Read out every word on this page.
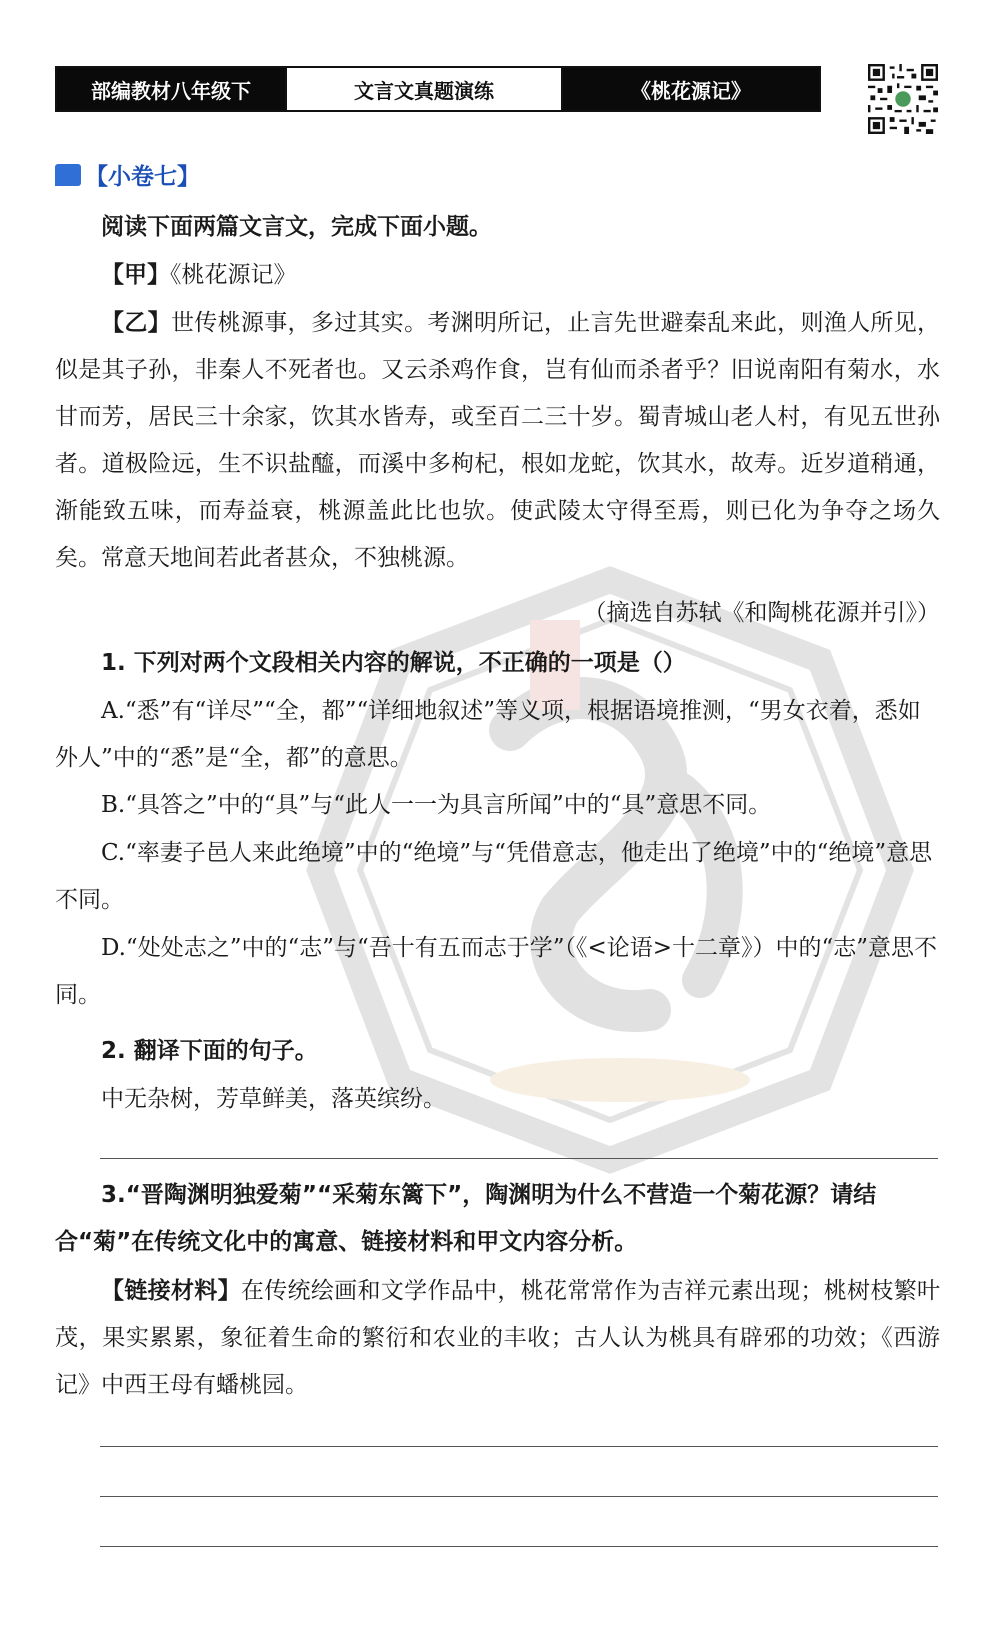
部编教材八年级下	文言文真题演练	《桃花源记》
【小卷七】
阅读下面两篇文言文，完成下面小题。
【甲】《桃花源记》
【乙】世传桃源事，多过其实。考渊明所记，止言先世避秦乱来此，则渔人所见，似是其子孙，非秦人不死者也。又云杀鸡作食，岂有仙而杀者乎？旧说南阳有菊水，水甘而芳，居民三十余家，饮其水皆寿，或至百二三十岁。蜀青城山老人村，有见五世孙者。道极险远，生不识盐醯，而溪中多枸杞，根如龙蛇，饮其水，故寿。近岁道稍通，渐能致五味，而寿益衰，桃源盖此比也欤。使武陵太守得至焉，则已化为争夺之场久矣。常意天地间若此者甚众，不独桃源。
（摘选自苏轼《和陶桃花源并引》）
1. 下列对两个文段相关内容的解说，不正确的一项是（）
A.“悉”有“详尽”“全，都”“详细地叙述”等义项，根据语境推测，“男女衣着，悉如外人”中的“悉”是“全，都”的意思。
B.“具答之”中的“具”与“此人一一为具言所闻”中的“具”意思不同。
C.“率妻子邑人来此绝境”中的“绝境”与“凭借意志，他走出了绝境”中的“绝境”意思不同。
D.“处处志之”中的“志”与“吾十有五而志于学”（《<论语>十二章》）中的“志”意思不同。
2. 翻译下面的句子。
中无杂树，芳草鲜美，落英缤纷。
3.“晋陶渊明独爱菊”“采菊东篱下”，陶渊明为什么不营造一个菊花源？请结合“菊”在传统文化中的寓意、链接材料和甲文内容分析。
【链接材料】在传统绘画和文学作品中，桃花常常作为吉祥元素出现；桃树枝繁叶茂，果实累累，象征着生命的繁衍和农业的丰收；古人认为桃具有辟邪的功效；《西游记》中西王母有蟠桃园。
